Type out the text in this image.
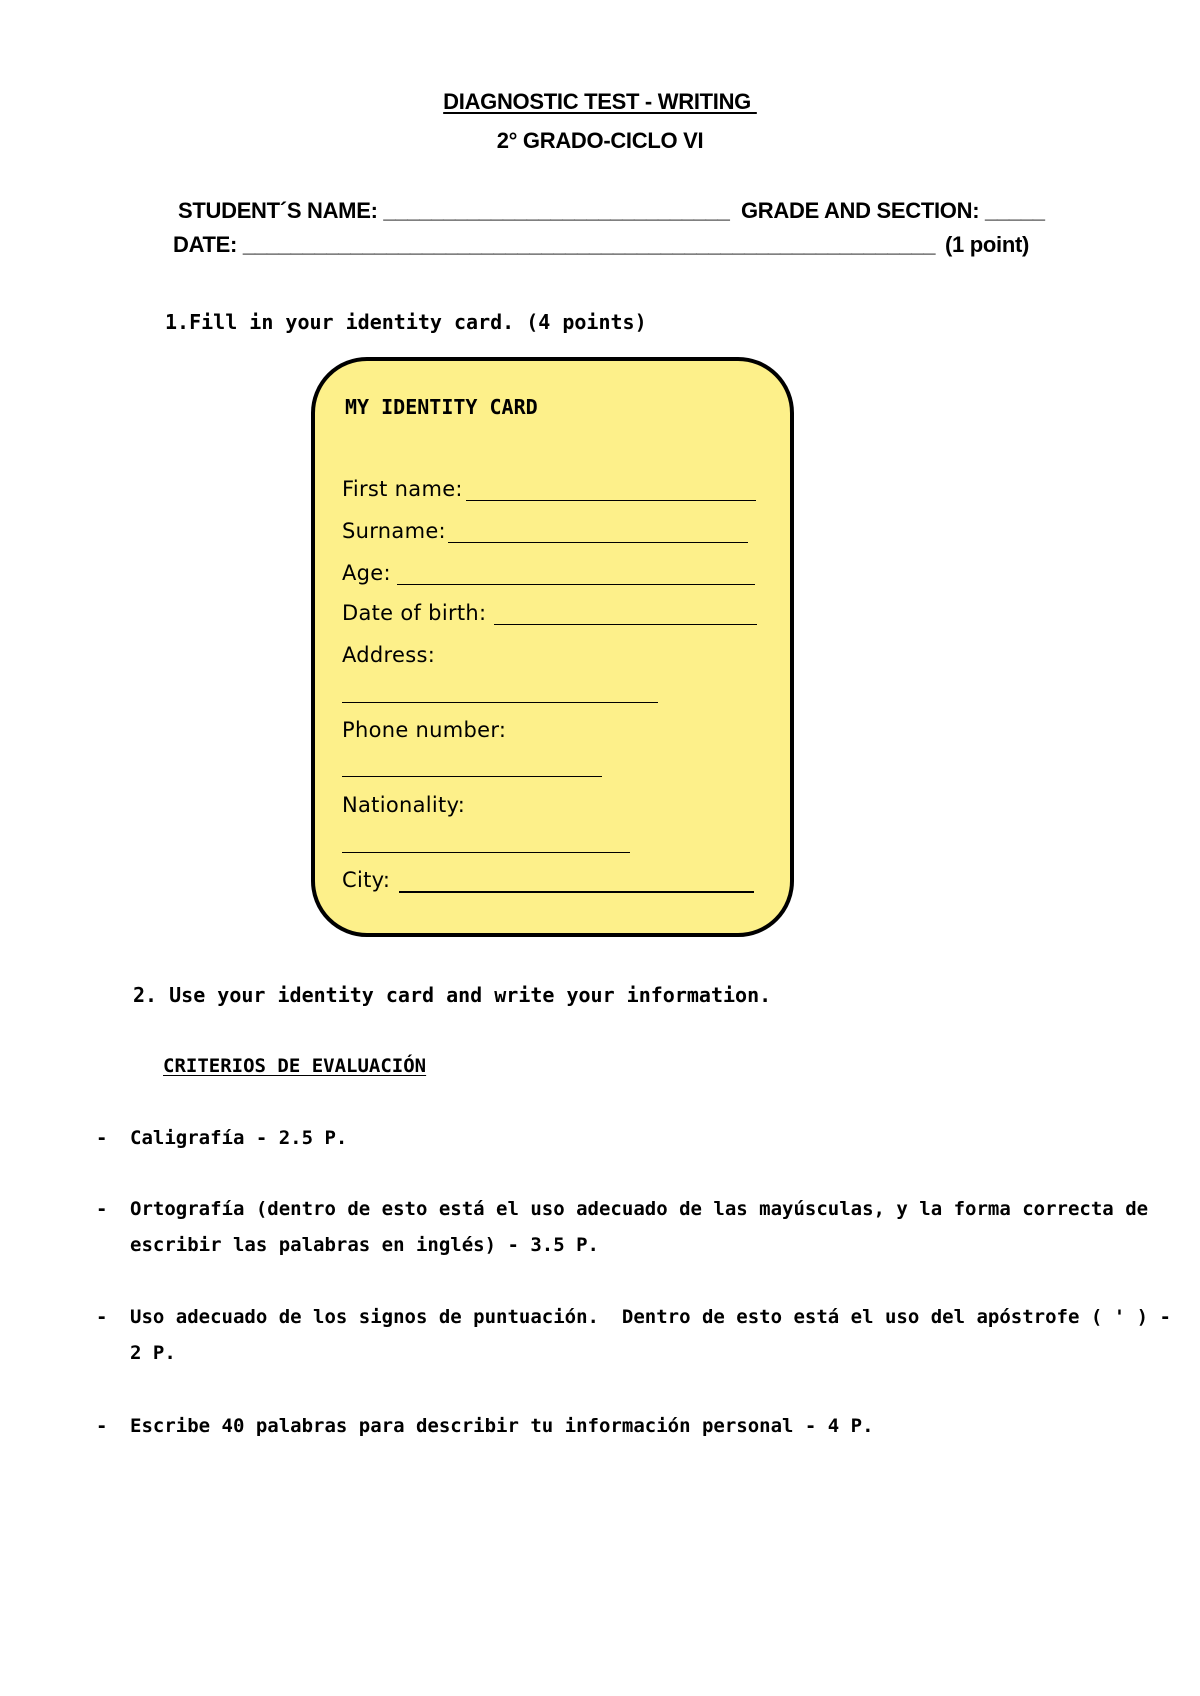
DIAGNOSTIC TEST - WRITING
2° GRADO-CICLO VI
STUDENT´S NAME: _____________________________ GRADE AND SECTION: _____
DATE: __________________________________________________________ (1 point)
1.Fill in your identity card. (4 points)
MY IDENTITY CARD
First name:
Surname:
Age:
Date of birth:
Address:
Phone number:
Nationality:
City:
2. Use your identity card and write your information.
CRITERIOS DE EVALUACIÓN
- Caligrafía - 2.5 P.
- Ortografía (dentro de esto está el uso adecuado de las mayúsculas, y la forma correcta de
escribir las palabras en inglés) - 3.5 P.
- Uso adecuado de los signos de puntuación.  Dentro de esto está el uso del apóstrofe ( ' ) -
2 P.
- Escribe 40 palabras para describir tu información personal - 4 P.
